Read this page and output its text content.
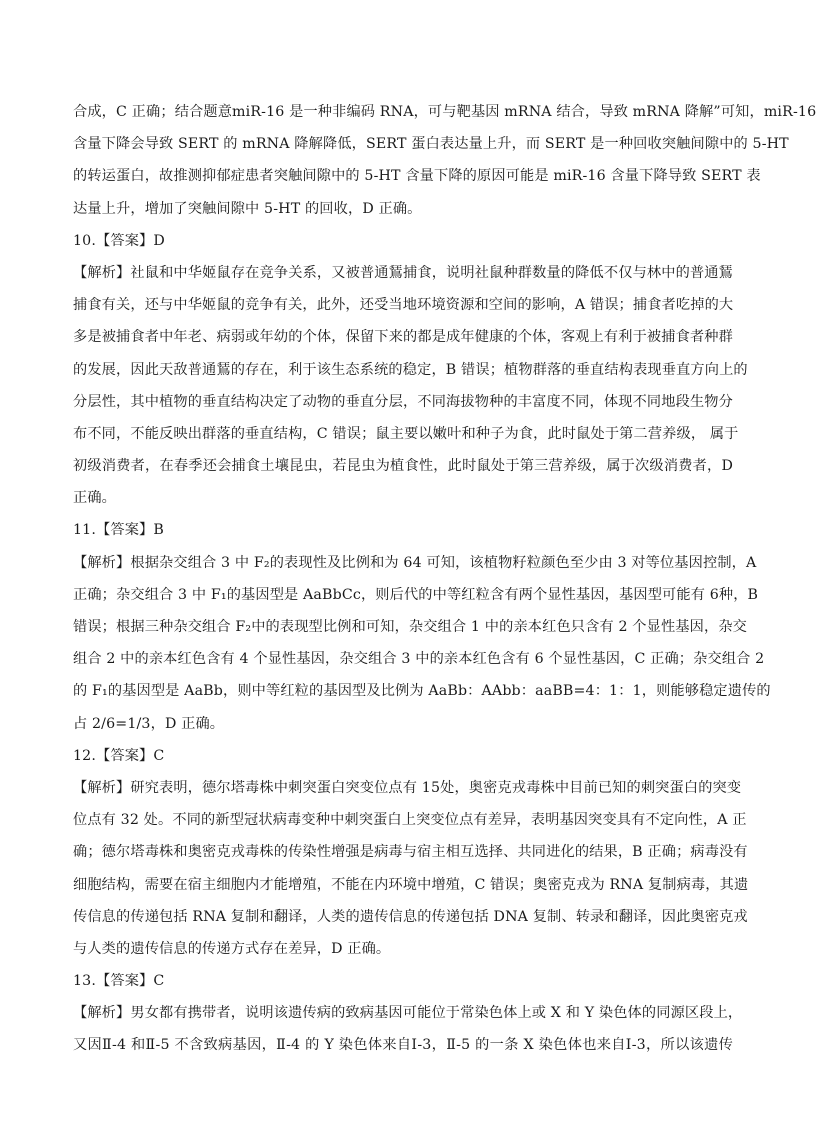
合成，C 正确；结合题意miR-16 是一种非编码 RNA，可与靶基因 mRNA 结合，导致 mRNA 降解”可知，miR-16
含量下降会导致 SERT 的 mRNA 降解降低，SERT 蛋白表达量上升，而 SERT 是一种回收突触间隙中的 5-HT
的转运蛋白，故推测抑郁症患者突触间隙中的 5-HT 含量下降的原因可能是 miR-16 含量下降导致 SERT 表
达量上升，增加了突触间隙中 5-HT 的回收，D 正确。
10.【答案】D
【解析】社鼠和中华姬鼠存在竞争关系，又被普通鵟捕食，说明社鼠种群数量的降低不仅与林中的普通鵟
捕食有关，还与中华姬鼠的竞争有关，此外，还受当地环境资源和空间的影响，A 错误；捕食者吃掉的大
多是被捕食者中年老、病弱或年幼的个体，保留下来的都是成年健康的个体，客观上有利于被捕食者种群
的发展，因此天敌普通鵟的存在，利于该生态系统的稳定，B 错误；植物群落的垂直结构表现垂直方向上的
分层性，其中植物的垂直结构决定了动物的垂直分层，不同海拔物种的丰富度不同，体现不同地段生物分
布不同，不能反映出群落的垂直结构，C 错误；鼠主要以嫩叶和种子为食，此时鼠处于第二营养级， 属于
初级消费者，在春季还会捕食土壤昆虫，若昆虫为植食性，此时鼠处于第三营养级，属于次级消费者，D
正确。
11.【答案】B
【解析】根据杂交组合 3 中 F₂的表现性及比例和为 64 可知，该植物籽粒颜色至少由 3 对等位基因控制，A
正确；杂交组合 3 中 F₁的基因型是 AaBbCc，则后代的中等红粒含有两个显性基因，基因型可能有 6种，B
错误；根据三种杂交组合 F₂中的表现型比例和可知，杂交组合 1 中的亲本红色只含有 2 个显性基因，杂交
组合 2 中的亲本红色含有 4 个显性基因，杂交组合 3 中的亲本红色含有 6 个显性基因，C 正确；杂交组合 2
的 F₁的基因型是 AaBb，则中等红粒的基因型及比例为 AaBb：AAbb：aaBB=4：1：1，则能够稳定遗传的
占 2/6=1/3，D 正确。
12.【答案】C
【解析】研究表明，德尔塔毒株中刺突蛋白突变位点有 15处，奥密克戎毒株中目前已知的刺突蛋白的突变
位点有 32 处。不同的新型冠状病毒变种中刺突蛋白上突变位点有差异，表明基因突变具有不定向性，A 正
确；德尔塔毒株和奥密克戎毒株的传染性增强是病毒与宿主相互选择、共同进化的结果，B 正确；病毒没有
细胞结构，需要在宿主细胞内才能增殖，不能在内环境中增殖，C 错误；奥密克戎为 RNA 复制病毒，其遗
传信息的传递包括 RNA 复制和翻译，人类的遗传信息的传递包括 DNA 复制、转录和翻译，因此奥密克戎
与人类的遗传信息的传递方式存在差异，D 正确。
13.【答案】C
【解析】男女都有携带者，说明该遗传病的致病基因可能位于常染色体上或 X 和 Y 染色体的同源区段上，
又因Ⅱ-4 和Ⅱ-5 不含致病基因，Ⅱ-4 的 Y 染色体来自Ⅰ-3，Ⅱ-5 的一条 X 染色体也来自Ⅰ-3，所以该遗传
